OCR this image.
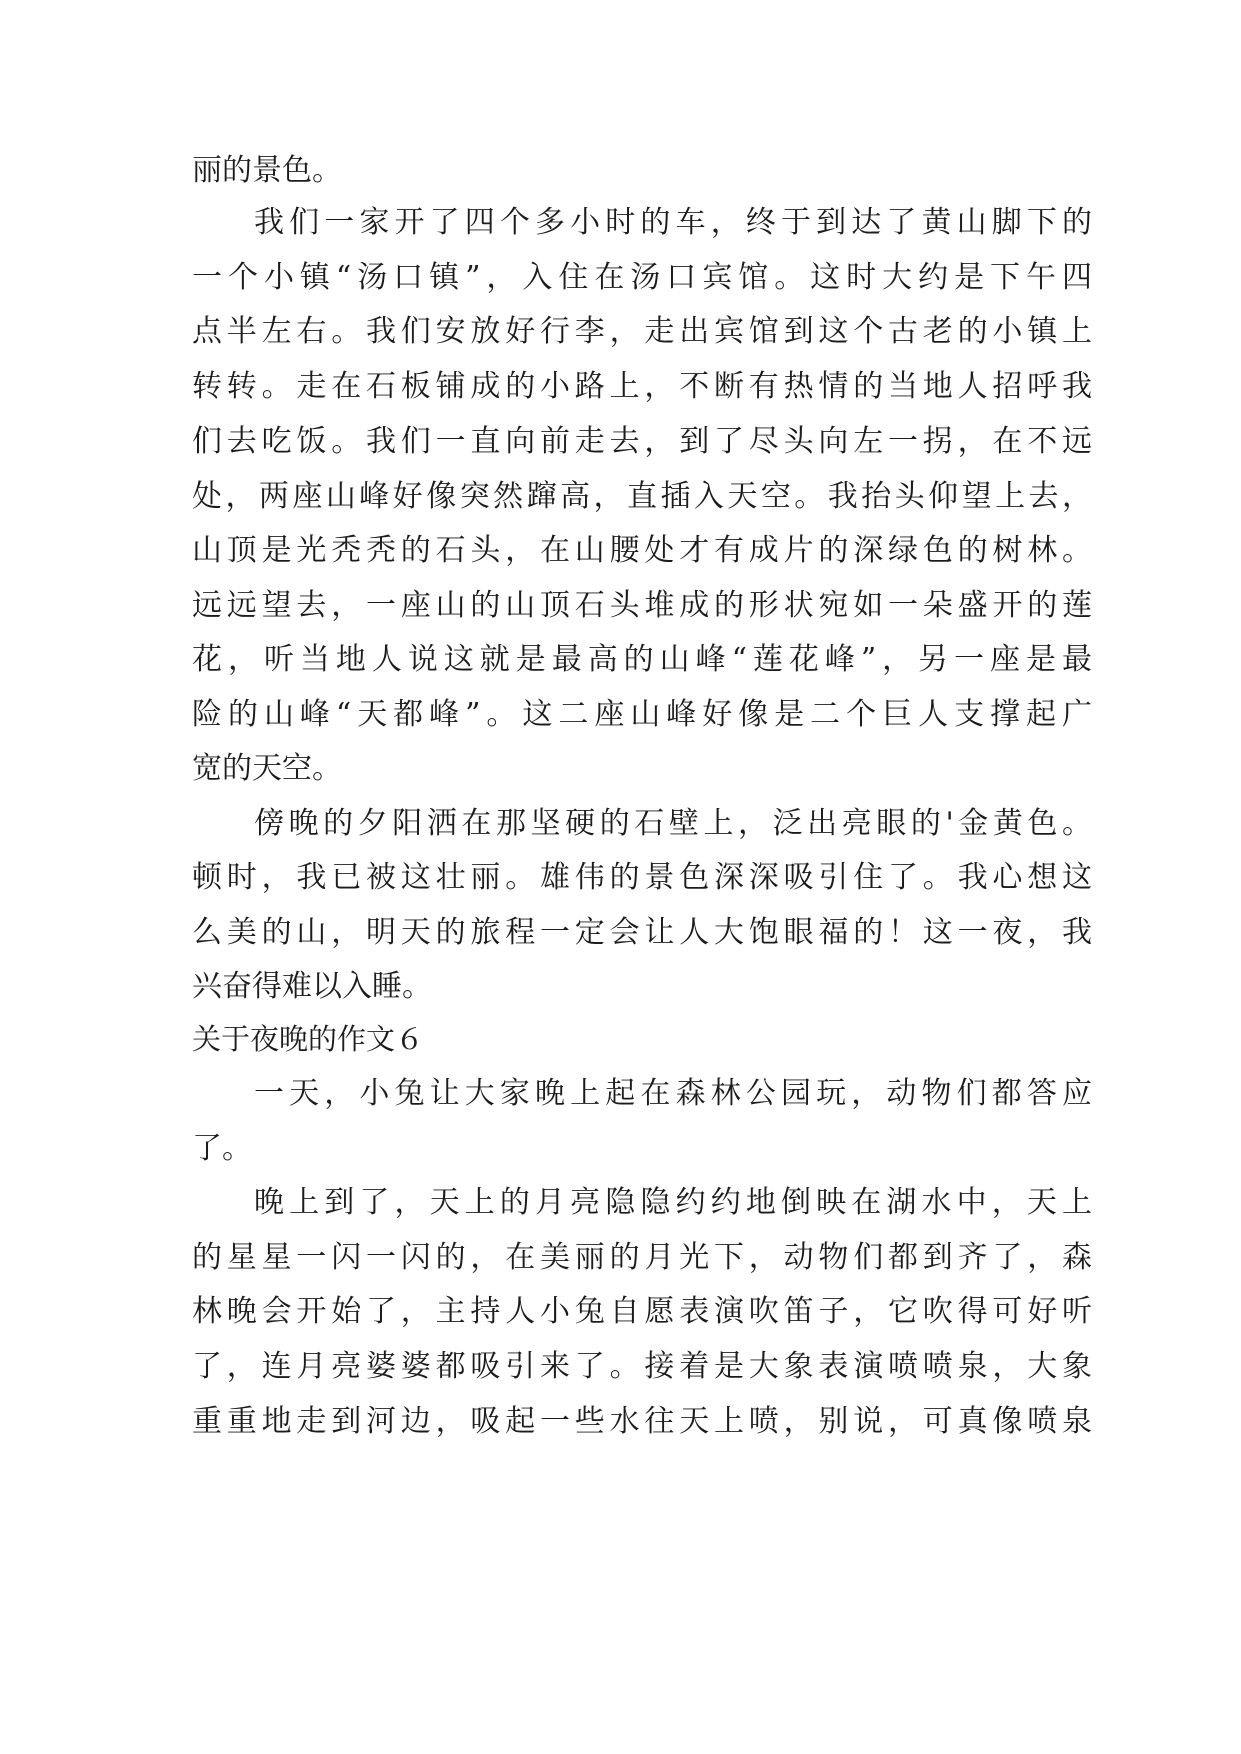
丽的景色。
我们一家开了四个多小时的车，终于到达了黄山脚下的
一个小镇“汤口镇”，入住在汤口宾馆。这时大约是下午四
点半左右。我们安放好行李，走出宾馆到这个古老的小镇上
转转。走在石板铺成的小路上，不断有热情的当地人招呼我
们去吃饭。我们一直向前走去，到了尽头向左一拐，在不远
处，两座山峰好像突然蹿高，直插入天空。我抬头仰望上去，
山顶是光秃秃的石头，在山腰处才有成片的深绿色的树林。
远远望去，一座山的山顶石头堆成的形状宛如一朵盛开的莲
花，听当地人说这就是最高的山峰“莲花峰”，另一座是最
险的山峰“天都峰”。这二座山峰好像是二个巨人支撑起广
宽的天空。
傍晚的夕阳洒在那坚硬的石壁上，泛出亮眼的'金黄色。
顿时，我已被这壮丽。雄伟的景色深深吸引住了。我心想这
么美的山，明天的旅程一定会让人大饱眼福的！这一夜，我
兴奋得难以入睡。
关于夜晚的作文６
一天，小兔让大家晚上起在森林公园玩，动物们都答应
了。
晚上到了，天上的月亮隐隐约约地倒映在湖水中，天上
的星星一闪一闪的，在美丽的月光下，动物们都到齐了，森
林晚会开始了，主持人小兔自愿表演吹笛子，它吹得可好听
了，连月亮婆婆都吸引来了。接着是大象表演喷喷泉，大象
重重地走到河边，吸起一些水往天上喷，别说，可真像喷泉
